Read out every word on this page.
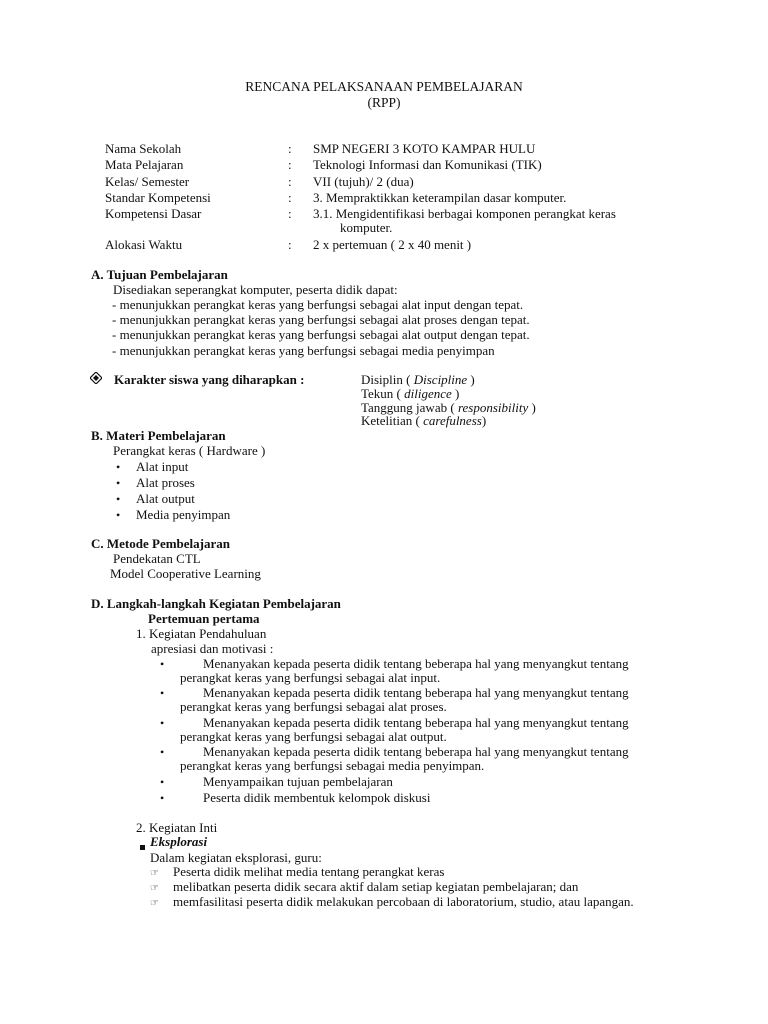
RENCANA PELAKSANAAN PEMBELAJARAN
(RPP)
Nama Sekolah	: SMP NEGERI 3 KOTO KAMPAR HULU
Mata Pelajaran	: Teknologi Informasi dan Komunikasi (TIK)
Kelas/ Semester	: VII (tujuh)/ 2 (dua)
Standar Kompetensi	: 3. Mempraktikkan keterampilan dasar komputer.
Kompetensi Dasar	: 3.1. Mengidentifikasi berbagai komponen perangkat keras
komputer.
Alokasi Waktu	: 2 x pertemuan ( 2 x 40 menit )
A. Tujuan Pembelajaran
Disediakan seperangkat komputer, peserta didik dapat:
- menunjukkan perangkat keras yang berfungsi sebagai alat input dengan tepat.
- menunjukkan perangkat keras yang berfungsi sebagai alat proses dengan tepat.
- menunjukkan perangkat keras yang berfungsi sebagai alat output dengan tepat.
- menunjukkan perangkat keras yang berfungsi sebagai media penyimpan
Karakter siswa yang diharapkan :	Disiplin ( Discipline )
Tekun ( diligence )
Tanggung jawab ( responsibility )
Ketelitian ( carefulness)
B. Materi Pembelajaran
Perangkat keras ( Hardware )
• Alat input
• Alat proses
• Alat output
• Media penyimpan
C. Metode Pembelajaran
Pendekatan CTL
Model Cooperative Learning
D. Langkah-langkah Kegiatan Pembelajaran
Pertemuan pertama
1. Kegiatan Pendahuluan
apresiasi dan motivasi :
•	Menanyakan kepada peserta didik tentang beberapa hal yang menyangkut tentang
perangkat keras yang berfungsi sebagai alat input.
•	Menanyakan kepada peserta didik tentang beberapa hal yang menyangkut tentang
perangkat keras yang berfungsi sebagai alat proses.
•	Menanyakan kepada peserta didik tentang beberapa hal yang menyangkut tentang
perangkat keras yang berfungsi sebagai alat output.
•	Menanyakan kepada peserta didik tentang beberapa hal yang menyangkut tentang
perangkat keras yang berfungsi sebagai media penyimpan.
•	Menyampaikan tujuan pembelajaran
•	Peserta didik membentuk kelompok diskusi
2. Kegiatan Inti
Eksplorasi
Dalam kegiatan eksplorasi, guru:
☞ Peserta didik melihat media tentang perangkat keras
☞ melibatkan peserta didik secara aktif dalam setiap kegiatan pembelajaran; dan
☞ memfasilitasi peserta didik melakukan percobaan di laboratorium, studio, atau lapangan.
